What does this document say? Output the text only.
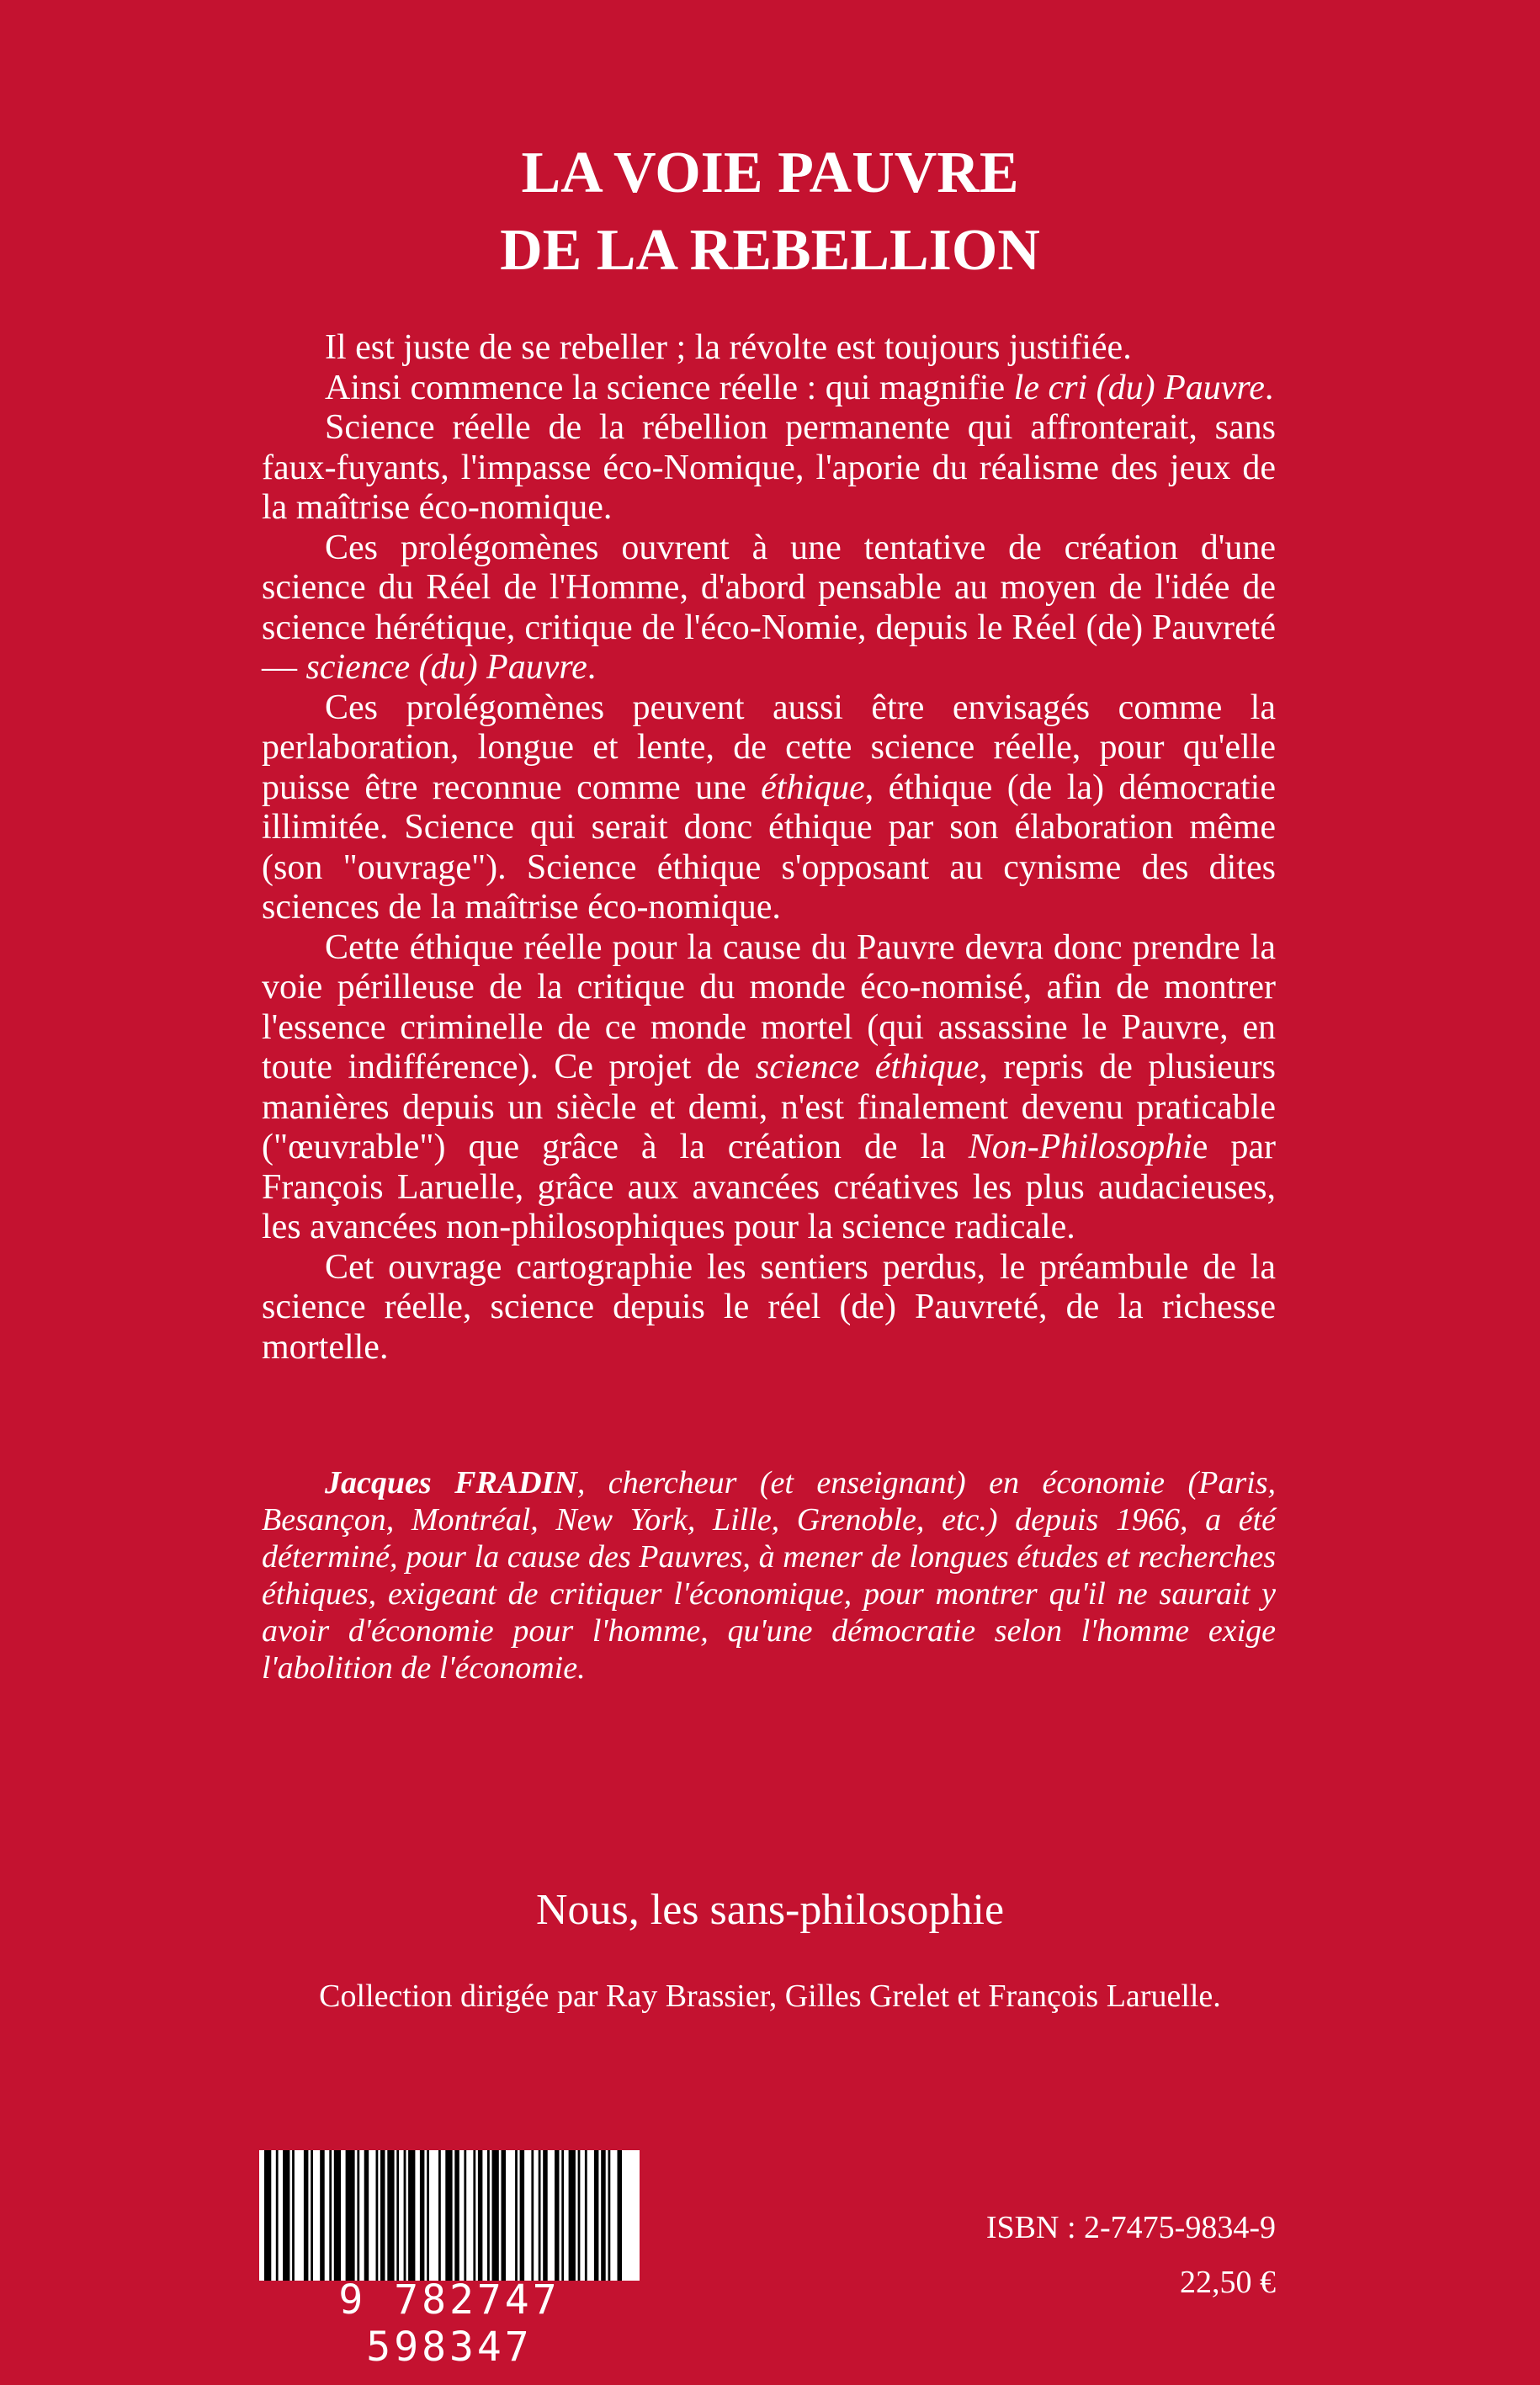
LA VOIE PAUVRE
DE LA REBELLION

Il est juste de se rebeller ; la révolte est toujours justifiée.

Ainsi commence la science réelle : qui magnifie le cri (du) Pauvre.

Science réelle de la rébellion permanente qui affronterait, sans faux-fuyants, l'impasse éco-Nomique, l'aporie du réalisme des jeux de la maîtrise éco-nomique.

Ces prolégomènes ouvrent à une tentative de création d'une science du Réel de l'Homme, d'abord pensable au moyen de l'idée de science hérétique, critique de l'éco-Nomie, depuis le Réel (de) Pauvreté — science (du) Pauvre.

Ces prolégomènes peuvent aussi être envisagés comme la perlaboration, longue et lente, de cette science réelle, pour qu'elle puisse être reconnue comme une éthique, éthique (de la) démocratie illimitée. Science qui serait donc éthique par son élaboration même (son "ouvrage"). Science éthique s'opposant au cynisme des dites sciences de la maîtrise éco-nomique.

Cette éthique réelle pour la cause du Pauvre devra donc prendre la voie périlleuse de la critique du monde éco-nomisé, afin de montrer l'essence criminelle de ce monde mortel (qui assassine le Pauvre, en toute indifférence). Ce projet de science éthique, repris de plusieurs manières depuis un siècle et demi, n'est finalement devenu praticable ("œuvrable") que grâce à la création de la Non-Philosophie par François Laruelle, grâce aux avancées créatives les plus audacieuses, les avancées non-philosophiques pour la science radicale.

Cet ouvrage cartographie les sentiers perdus, le préambule de la science réelle, science depuis le réel (de) Pauvreté, de la richesse mortelle.

Jacques FRADIN, chercheur (et enseignant) en économie (Paris, Besançon, Montréal, New York, Lille, Grenoble, etc.) depuis 1966, a été déterminé, pour la cause des Pauvres, à mener de longues études et recherches éthiques, exigeant de critiquer l'économique, pour montrer qu'il ne saurait y avoir d'économie pour l'homme, qu'une démocratie selon l'homme exige l'abolition de l'économie.
Nous, les sans-philosophie
Collection dirigée par Ray Brassier, Gilles Grelet et François Laruelle.
9 782747 598347
ISBN : 2-7475-9834-9
22,50 €
